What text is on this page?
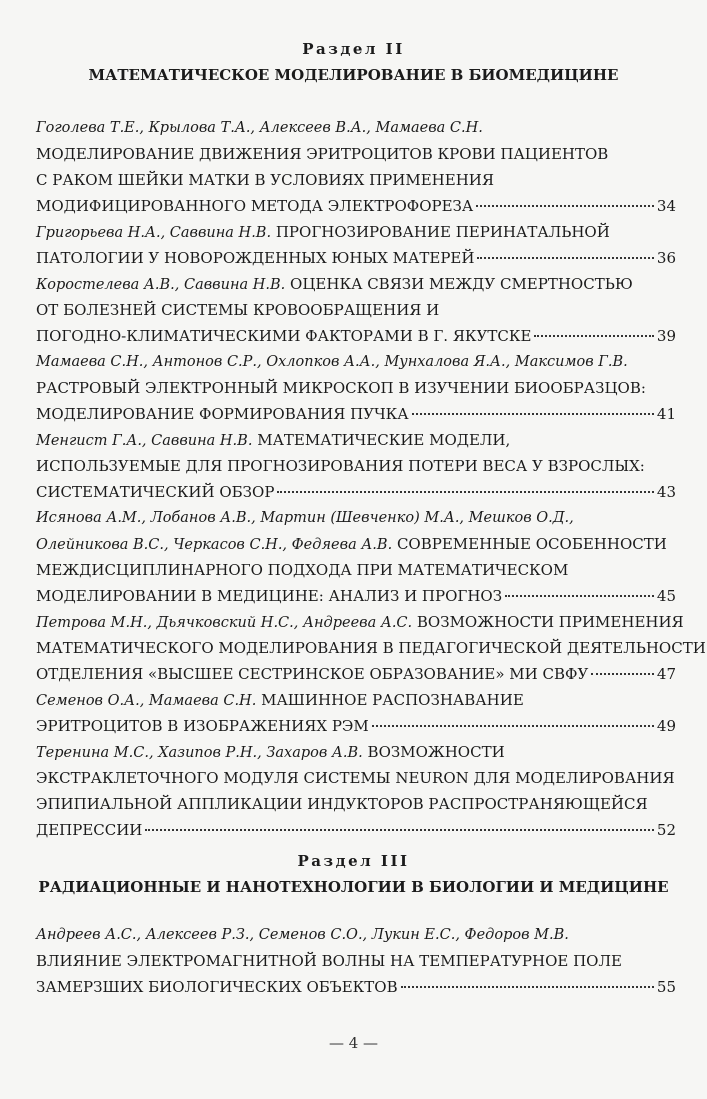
Раздел II
МАТЕМАТИЧЕСКОЕ МОДЕЛИРОВАНИЕ В БИОМЕДИЦИНЕ
Раздел III
РАДИАЦИОННЫЕ И НАНОТЕХНОЛОГИИ В БИОЛОГИИ И МЕДИЦИНЕ
— 4 —
Гоголева Т.Е., Крылова Т.А., Алексеев В.А., Мамаева С.Н.
МОДЕЛИРОВАНИЕ ДВИЖЕНИЯ ЭРИТРОЦИТОВ КРОВИ ПАЦИЕНТОВ
С РАКОМ ШЕЙКИ МАТКИ В УСЛОВИЯХ ПРИМЕНЕНИЯ
МОДИФИЦИРОВАННОГО МЕТОДА ЭЛЕКТРОФОРЕЗА	34
Григорьева Н.А., Саввина Н.В. ПРОГНОЗИРОВАНИЕ ПЕРИНАТАЛЬНОЙ
ПАТОЛОГИИ У НОВОРОЖДЕННЫХ ЮНЫХ МАТЕРЕЙ	36
Коростелева А.В., Саввина Н.В. ОЦЕНКА СВЯЗИ МЕЖДУ СМЕРТНОСТЬЮ
ОТ БОЛЕЗНЕЙ СИСТЕМЫ КРОВООБРАЩЕНИЯ И
ПОГОДНО-КЛИМАТИЧЕСКИМИ ФАКТОРАМИ В Г. ЯКУТСКЕ	39
Мамаева С.Н., Антонов С.Р., Охлопков А.А., Мунхалова Я.А., Максимов Г.В.
РАСТРОВЫЙ ЭЛЕКТРОННЫЙ МИКРОСКОП В ИЗУЧЕНИИ БИООБРАЗЦОВ:
МОДЕЛИРОВАНИЕ ФОРМИРОВАНИЯ ПУЧКА	41
Менгист Г.А., Саввина Н.В. МАТЕМАТИЧЕСКИЕ МОДЕЛИ,
ИСПОЛЬЗУЕМЫЕ ДЛЯ ПРОГНОЗИРОВАНИЯ ПОТЕРИ ВЕСА У ВЗРОСЛЫХ:
СИСТЕМАТИЧЕСКИЙ ОБЗОР	43
Исянова А.М., Лобанов А.В., Мартин (Шевченко) М.А., Мешков О.Д.,
Олейникова В.С., Черкасов С.Н., Федяева А.В. СОВРЕМЕННЫЕ ОСОБЕННОСТИ
МЕЖДИСЦИПЛИНАРНОГО ПОДХОДА ПРИ МАТЕМАТИЧЕСКОМ
МОДЕЛИРОВАНИИ В МЕДИЦИНЕ: АНАЛИЗ И ПРОГНОЗ	45
Петрова М.Н., Дьячковский Н.С., Андреева А.С. ВОЗМОЖНОСТИ ПРИМЕНЕНИЯ
МАТЕМАТИЧЕСКОГО МОДЕЛИРОВАНИЯ В ПЕДАГОГИЧЕСКОЙ ДЕЯТЕЛЬНОСТИ
ОТДЕЛЕНИЯ «ВЫСШЕЕ СЕСТРИНСКОЕ ОБРАЗОВАНИЕ» МИ СВФУ	47
Семенов О.А., Мамаева С.Н. МАШИННОЕ РАСПОЗНАВАНИЕ
ЭРИТРОЦИТОВ В ИЗОБРАЖЕНИЯХ РЭМ	49
Теренина М.С., Хазипов Р.Н., Захаров А.В. ВОЗМОЖНОСТИ
ЭКСТРАКЛЕТОЧНОГО МОДУЛЯ СИСТЕМЫ NEURON ДЛЯ МОДЕЛИРОВАНИЯ
ЭПИПИАЛЬНОЙ АППЛИКАЦИИ ИНДУКТОРОВ РАСПРОСТРАНЯЮЩЕЙСЯ
ДЕПРЕССИИ	52
Андреев А.С., Алексеев Р.З., Семенов С.О., Лукин Е.С., Федоров М.В.
ВЛИЯНИЕ ЭЛЕКТРОМАГНИТНОЙ ВОЛНЫ НА ТЕМПЕРАТУРНОЕ ПОЛЕ
ЗАМЕРЗШИХ БИОЛОГИЧЕСКИХ ОБЪЕКТОВ	55
